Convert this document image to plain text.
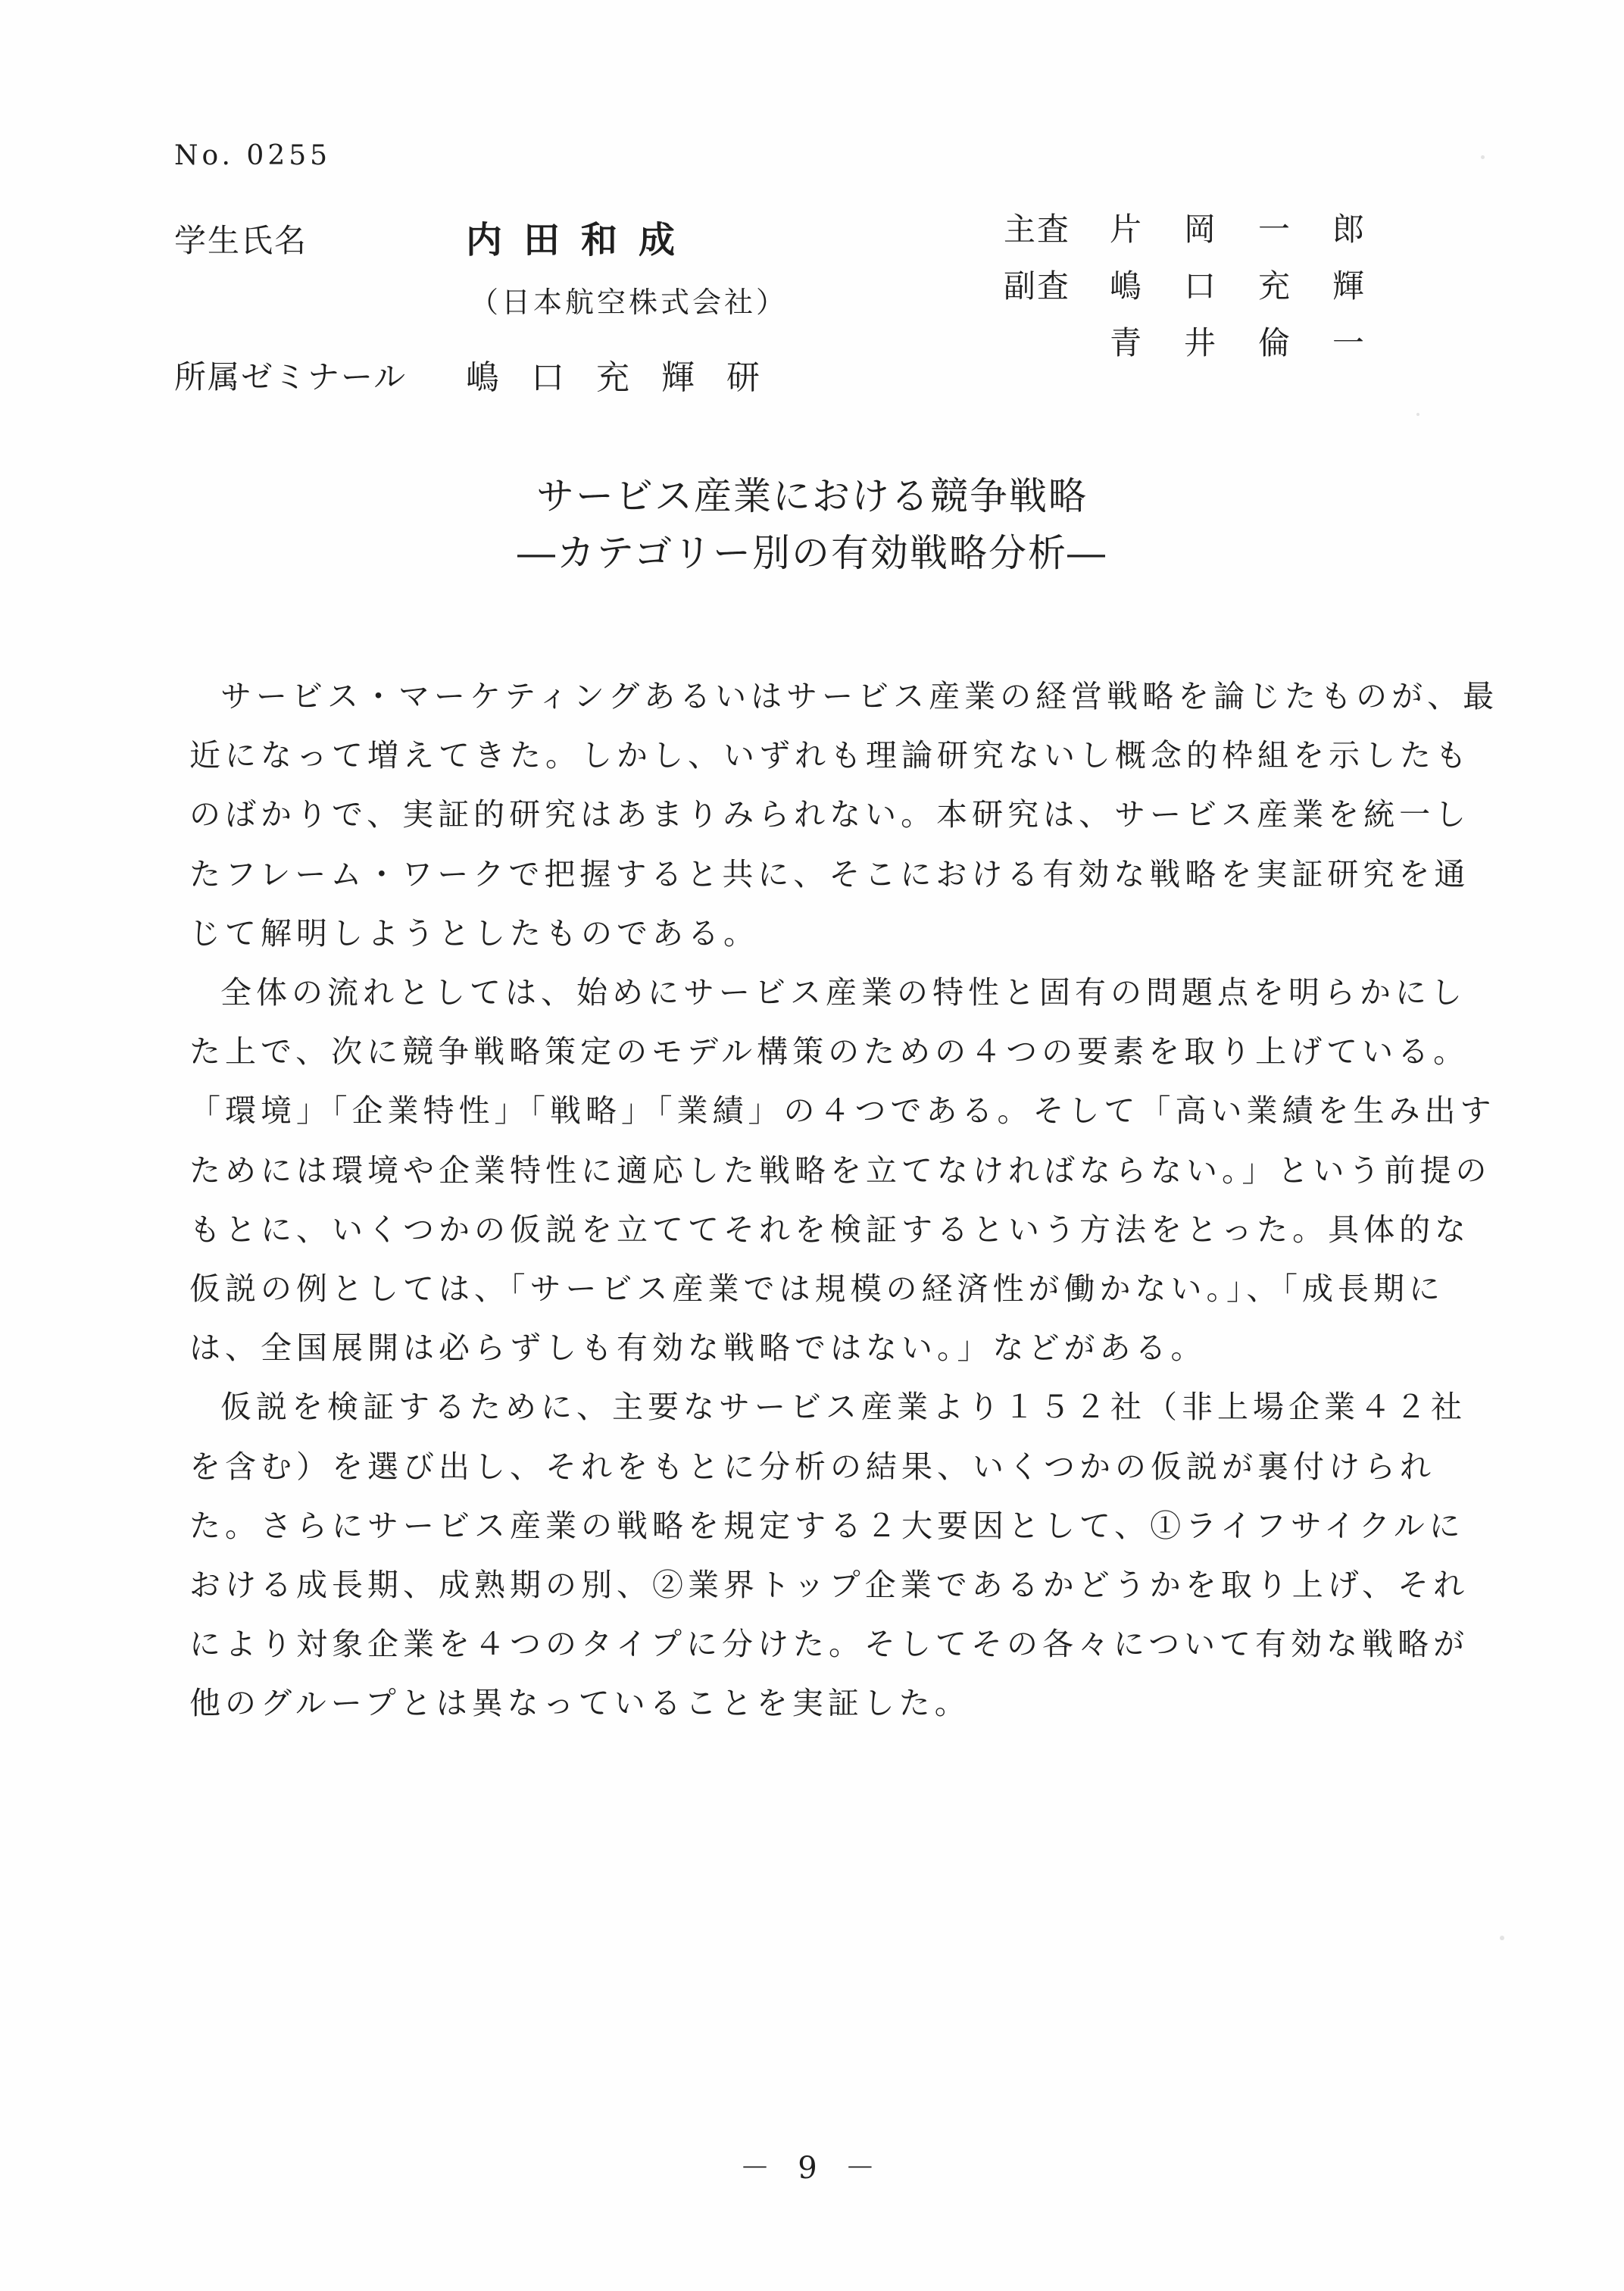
No. 0255
学生氏名	内田和成
（日本航空株式会社）
所属ゼミナール 嶋口充輝研
主査 片岡一郎
副査 嶋口充輝
青井倫一
サービス産業における競争戦略
―カテゴリー別の有効戦略分析―

サービス・マーケティングあるいはサービス産業の経営戦略を論じたものが、最近になって増えてきた。しかし、いずれも理論研究ないし概念的枠組を示したものばかりで、実証的研究はあまりみられない。本研究は、サービス産業を統一したフレーム・ワークで把握すると共に、そこにおける有効な戦略を実証研究を通じて解明しようとしたものである。

全体の流れとしては、始めにサービス産業の特性と固有の問題点を明らかにした上で、次に競争戦略策定のモデル構策のための４つの要素を取り上げている。「環境」「企業特性」「戦略」「業績」の４つである。そして「高い業績を生み出すためには環境や企業特性に適応した戦略を立てなければならない。」という前提のもとに、いくつかの仮説を立ててそれを検証するという方法をとった。具体的な仮説の例としては、「サービス産業では規模の経済性が働かない。」、「成長期には、全国展開は必らずしも有効な戦略ではない。」などがある。

仮説を検証するために、主要なサービス産業より１５２社（非上場企業４２社を含む）を選び出し、それをもとに分析の結果、いくつかの仮説が裏付けられた。さらにサービス産業の戦略を規定する２大要因として、①ライフサイクルにおける成長期、成熟期の別、②業界トップ企業であるかどうかを取り上げ、それにより対象企業を４つのタイプに分けた。そしてその各々について有効な戦略が他のグループとは異なっていることを実証した。

－ 9 －
